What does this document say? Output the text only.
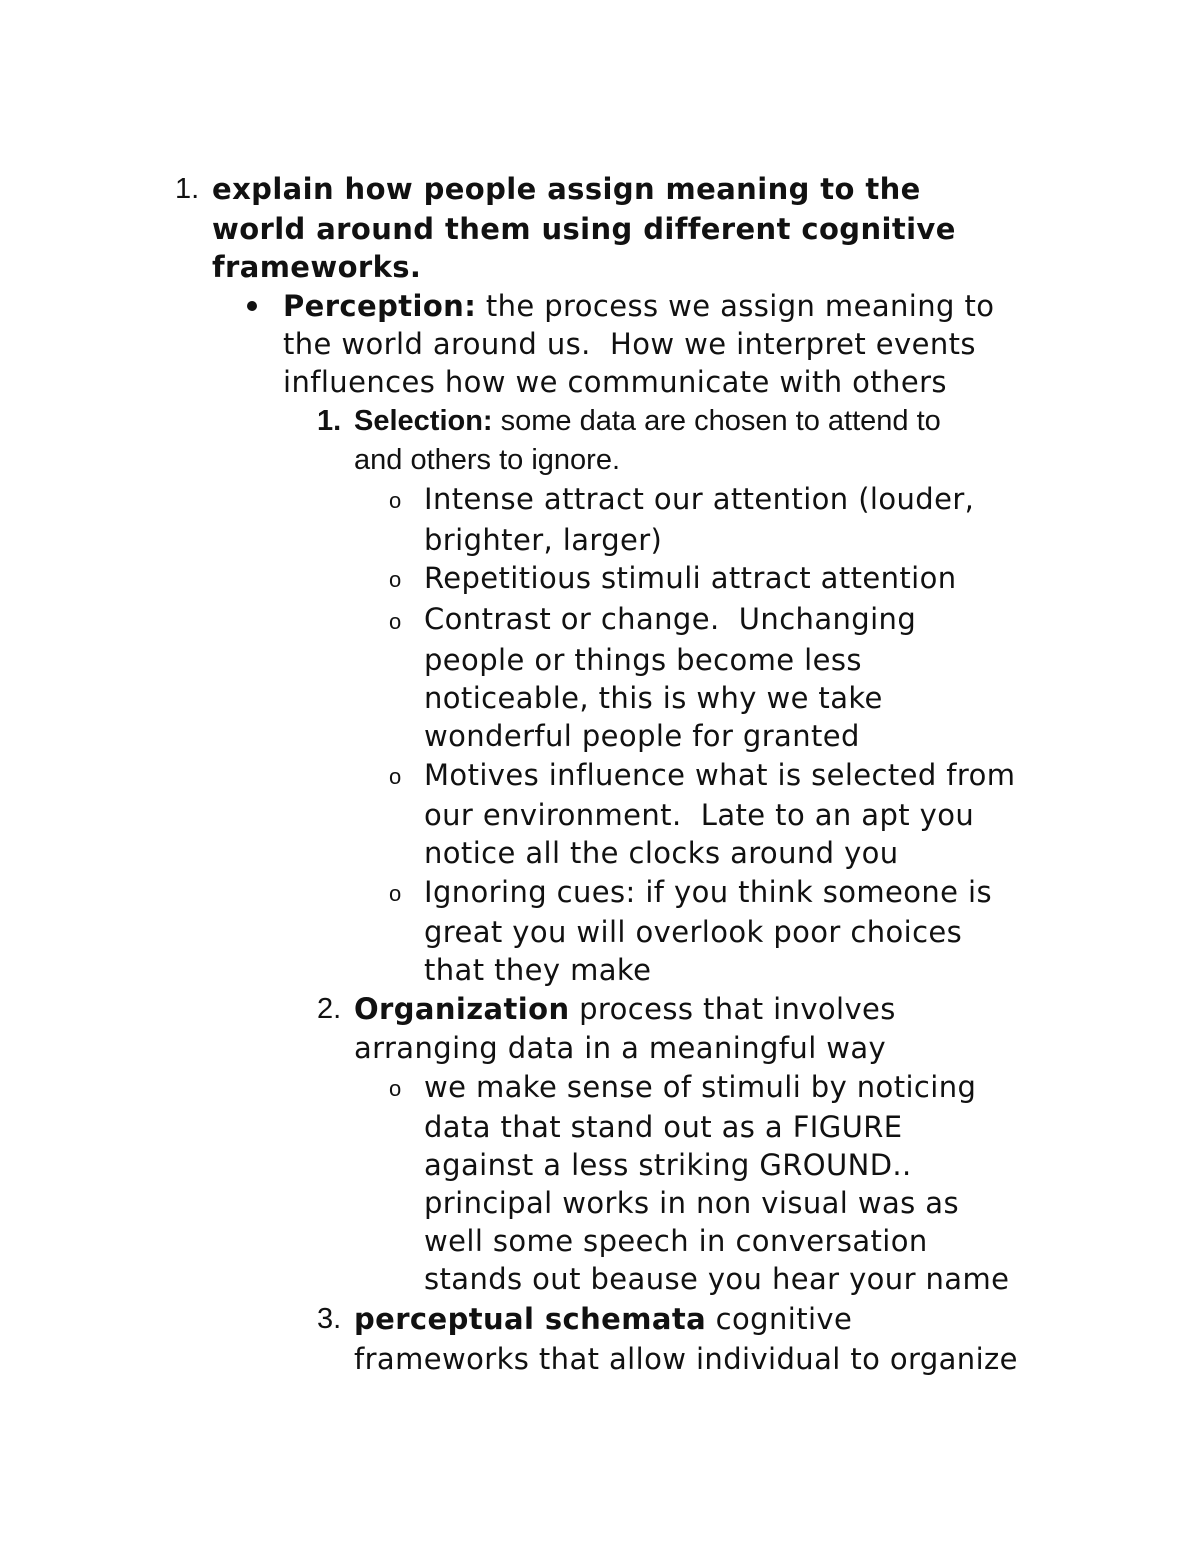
1. explain how people assign meaning to the
world around them using different cognitive
frameworks.
Perception: the process we assign meaning to
the world around us.  How we interpret events
influences how we communicate with others
1. Selection: some data are chosen to attend to
and others to ignore.
o Intense attract our attention (louder,
brighter, larger)
o Repetitious stimuli attract attention
o Contrast or change.  Unchanging
people or things become less
noticeable, this is why we take
wonderful people for granted
o Motives influence what is selected from
our environment.  Late to an apt you
notice all the clocks around you
o Ignoring cues: if you think someone is
great you will overlook poor choices
that they make
2. Organization process that involves
arranging data in a meaningful way
o we make sense of stimuli by noticing
data that stand out as a FIGURE
against a less striking GROUND..
principal works in non visual was as
well some speech in conversation
stands out beause you hear your name
3. perceptual schemata cognitive
frameworks that allow individual to organize
